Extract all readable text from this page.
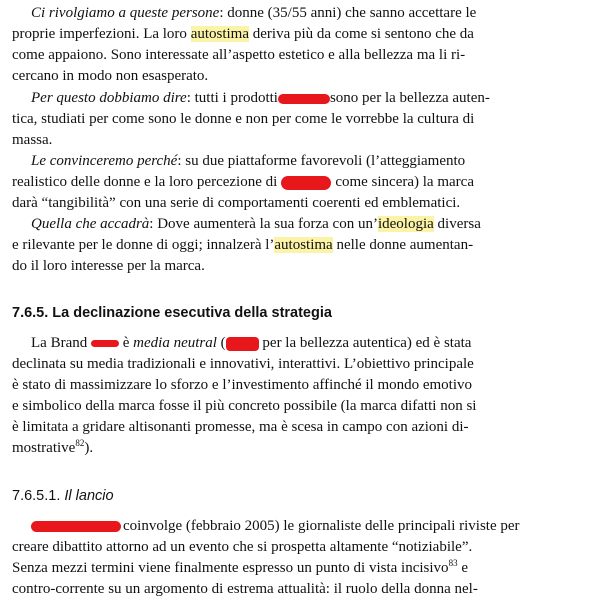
Ci rivolgiamo a queste persone: donne (35/55 anni) che sanno accettare le
proprie imperfezioni. La loro autostima deriva più da come si sentono che da
come appaiono. Sono interessate all’aspetto estetico e alla bellezza ma li ri-
cercano in modo non esasperato.
Per questo dobbiamo dire: tutti i prodotti	sono per la bellezza auten-
tica, studiati per come sono le donne e non per come le vorrebbe la cultura di
massa.
Le convinceremo perché: su due piattaforme favorevoli (l’atteggiamento
realistico delle donne e la loro percezione di	come sincera) la marca
darà “tangibilità” con una serie di comportamenti coerenti ed emblematici.
Quella che accadrà: Dove aumenterà la sua forza con un’ideologia diversa
e rilevante per le donne di oggi; innalzerà l’autostima nelle donne aumentan-
do il loro interesse per la marca.
7.6.5. La declinazione esecutiva della strategia
La Brand  è media neutral ( per la bellezza autentica) ed è stata
declinata su media tradizionali e innovativi, interattivi. L’obiettivo principale
è stato di massimizzare lo sforzo e l’investimento affinché il mondo emotivo
e simbolico della marca fosse il più concreto possibile (la marca difatti non si
è limitata a gridare altisonanti promesse, ma è scesa in campo con azioni di-
mostrative$^{82}$).
7.6.5.1. Il lancio
coinvolge (febbraio 2005) le giornaliste delle principali riviste per
creare dibattito attorno ad un evento che si prospetta altamente “notiziabile”.
Senza mezzi termini viene finalmente espresso un punto di vista incisivo$^{83}$ e
contro-corrente su un argomento di estrema attualità: il ruolo della donna nel-
